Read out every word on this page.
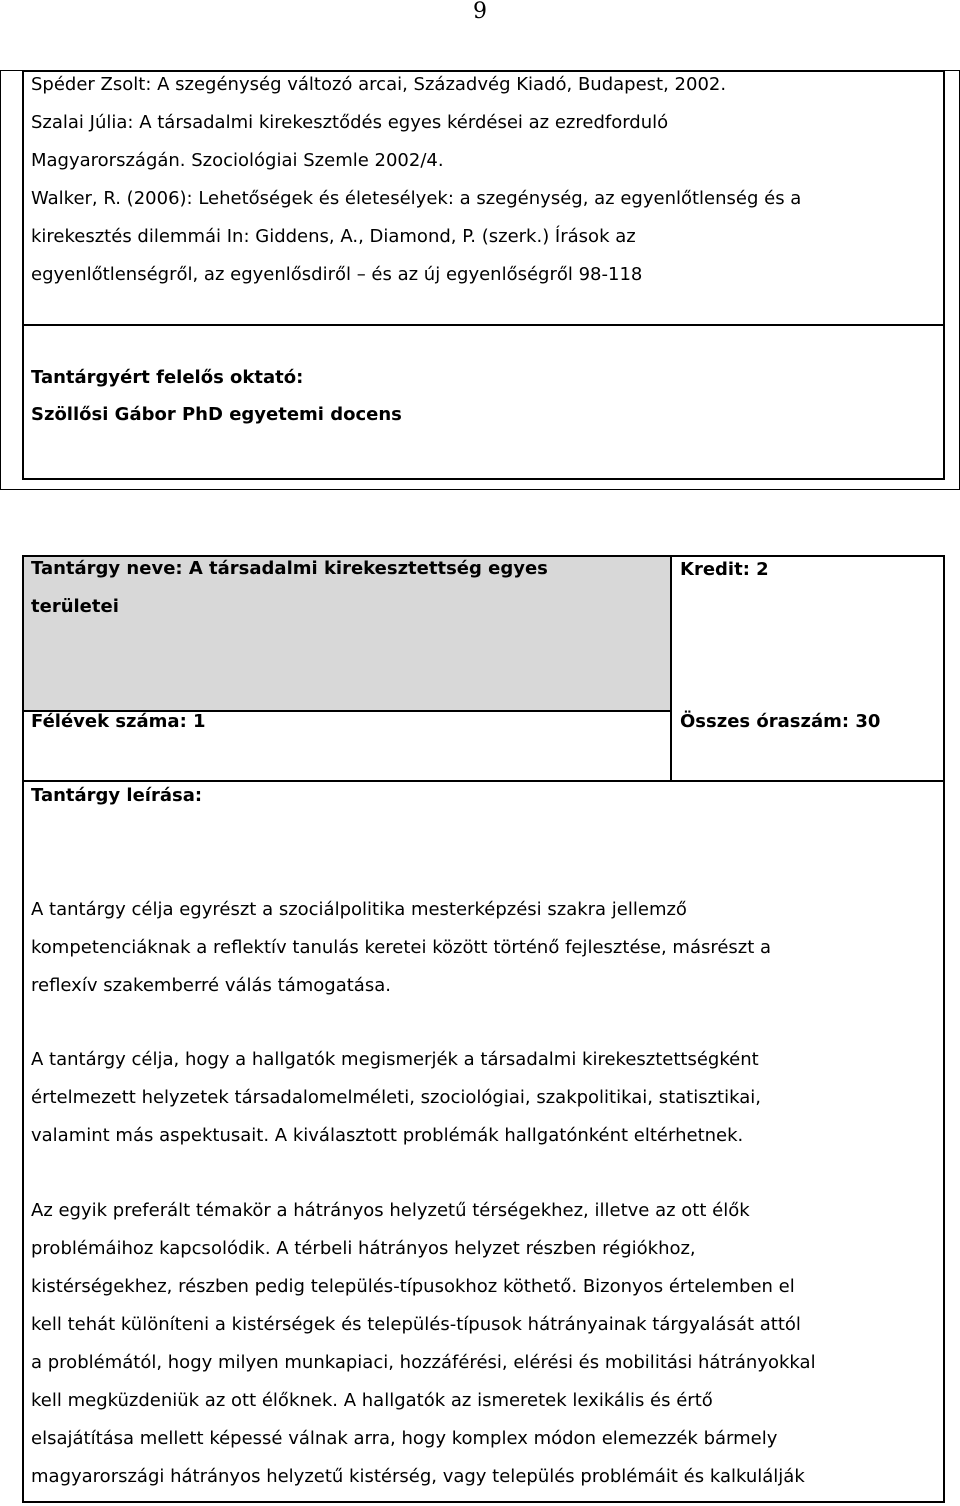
9
Spéder Zsolt: A szegénység változó arcai, Századvég Kiadó, Budapest, 2002.
Szalai Júlia: A társadalmi kirekesztődés egyes kérdései az ezredforduló
Magyarországán. Szociológiai Szemle 2002/4.
Walker, R. (2006): Lehetőségek és életesélyek: a szegénység, az egyenlőtlenség és a
kirekesztés dilemmái In: Giddens, A., Diamond, P. (szerk.) Írások az
egyenlőtlenségről, az egyenlősdiről – és az új egyenlőségről 98-118
Tantárgyért felelős oktató:
Szöllősi Gábor PhD egyetemi docens
Tantárgy neve: A társadalmi kirekesztettség egyes
területei
Kredit: 2
Félévek száma: 1	Összes óraszám: 30
Tantárgy leírása:
A tantárgy célja egyrészt a szociálpolitika mesterképzési szakra jellemző
kompetenciáknak a reflektív tanulás keretei között történő fejlesztése, másrészt a
reflexív szakemberré válás támogatása.
A tantárgy célja, hogy a hallgatók megismerjék a társadalmi kirekesztettségként
értelmezett helyzetek társadalomelméleti, szociológiai, szakpolitikai, statisztikai,
valamint más aspektusait. A kiválasztott problémák hallgatónként eltérhetnek.
Az egyik preferált témakör a hátrányos helyzetű térségekhez, illetve az ott élők
problémáihoz kapcsolódik. A térbeli hátrányos helyzet részben régiókhoz,
kistérségekhez, részben pedig település-típusokhoz köthető. Bizonyos értelemben el
kell tehát különíteni a kistérségek és település-típusok hátrányainak tárgyalását attól
a problémától, hogy milyen munkapiaci, hozzáférési, elérési és mobilitási hátrányokkal
kell megküzdeniük az ott élőknek. A hallgatók az ismeretek lexikális és értő
elsajátítása mellett képessé válnak arra, hogy komplex módon elemezzék bármely
magyarországi hátrányos helyzetű kistérség, vagy település problémáit és kalkulálják
